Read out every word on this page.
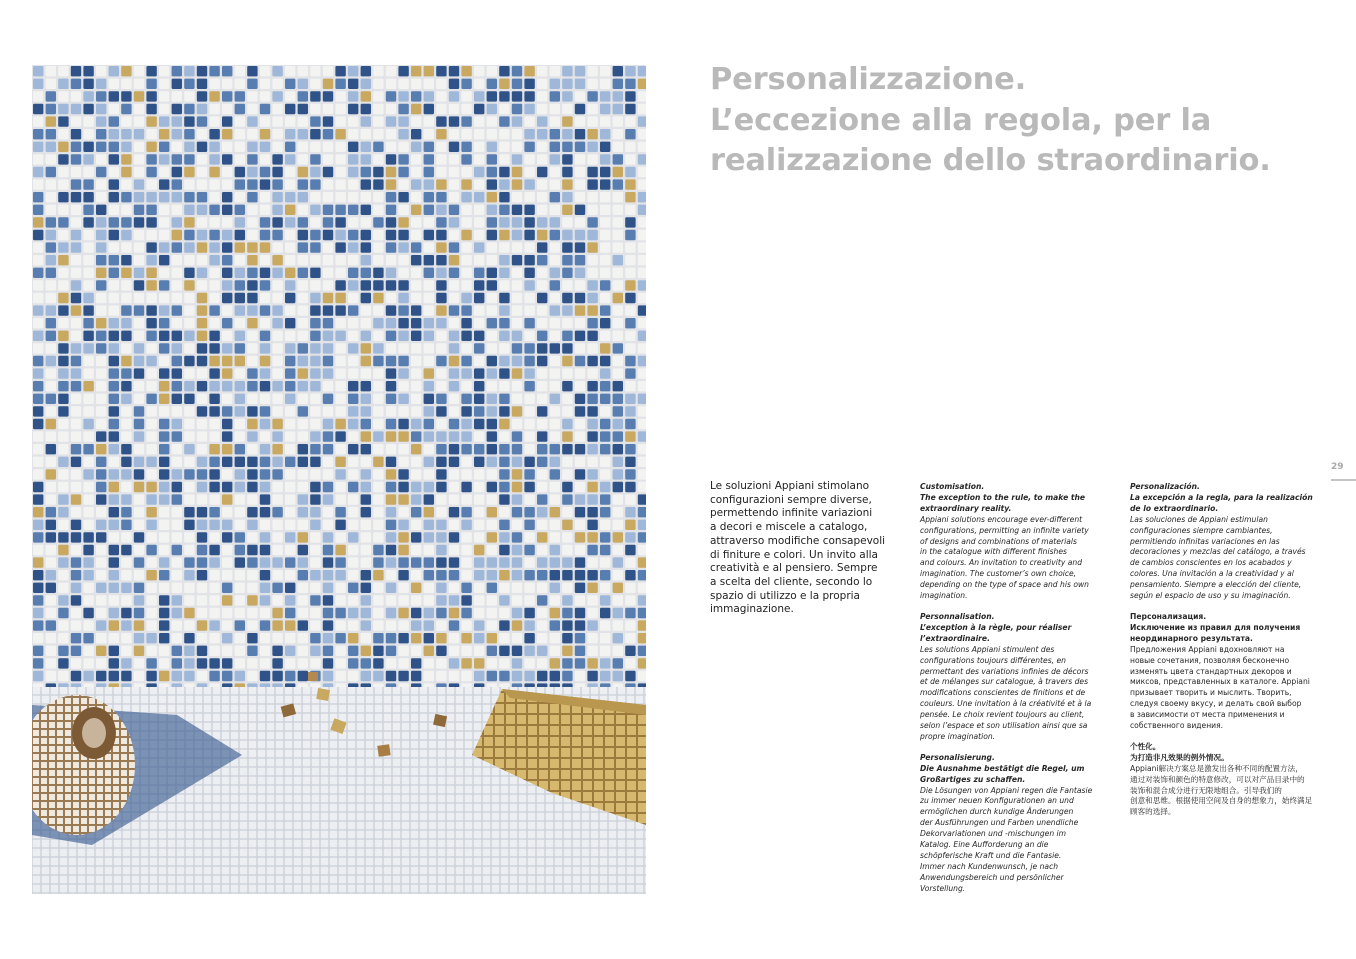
Personalizzazione.
L’eccezione alla regola, per la
realizzazione dello straordinario.
29

Le soluzioni Appiani stimolano
configurazioni sempre diverse,
permettendo infinite variazioni
a decori e miscele a catalogo,
attraverso modifiche consapevoli
di finiture e colori. Un invito alla
creatività e al pensiero. Sempre
a scelta del cliente, secondo lo
spazio di utilizzo e la propria
immaginazione.

Customisation.
The exception to the rule, to make the
extraordinary reality.
Appiani solutions encourage ever-different
configurations, permitting an infinite variety
of designs and combinations of materials
in the catalogue with different finishes
and colours. An invitation to creativity and
imagination. The customer’s own choice,
depending on the type of space and his own
imagination.
Personnalisation.
L’exception à la règle, pour réaliser
l’extraordinaire.
Les solutions Appiani stimulent des
configurations toujours différentes, en
permettant des variations infinies de décors
et de mélanges sur catalogue, à travers des
modifications conscientes de finitions et de
couleurs. Une invitation à la créativité et à la
pensée. Le choix revient toujours au client,
selon l’espace et son utilisation ainsi que sa
propre imagination.
Personalisierung.
Die Ausnahme bestätigt die Regel, um
Großartiges zu schaffen.
Die Lösungen von Appiani regen die Fantasie
zu immer neuen Konfigurationen an und
ermöglichen durch kundige Änderungen
der Ausführungen und Farben unendliche
Dekorvariationen und -mischungen im
Katalog. Eine Aufforderung an die
schöpferische Kraft und die Fantasie.
Immer nach Kundenwunsch, je nach
Anwendungsbereich und persönlicher
Vorstellung.
Personalización.
La excepción a la regla, para la realización
de lo extraordinario.
Las soluciones de Appiani estimulan
configuraciones siempre cambiantes,
permitiendo infinitas variaciones en las
decoraciones y mezclas del catálogo, a través
de cambios conscientes en los acabados y
colores. Una invitación a la creatividad y al
pensamiento. Siempre a elección del cliente,
según el espacio de uso y su imaginación.
Персонализация.
Исключение из правил для получения
неординарного результата.
Предложения Appiani вдохновляют на
новые сочетания, позволяя бесконечно
изменять цвета стандартных декоров и
миксов, представленных в каталоге. Appiani
призывает творить и мыслить. Творить,
следуя своему вкусу, и делать свой выбор
в зависимости от места применения и
собственного видения.
个性化。
为打造非凡效果的例外情况。
Appiani解决方案总是激发出各种不同的配置方法，
通过对装饰和颜色的特意修改，可以对产品目录中的
装饰和混合成分进行无限地组合。引导我们的
创意和思维。根据使用空间及自身的想象力，始终满足
顾客的选择。
